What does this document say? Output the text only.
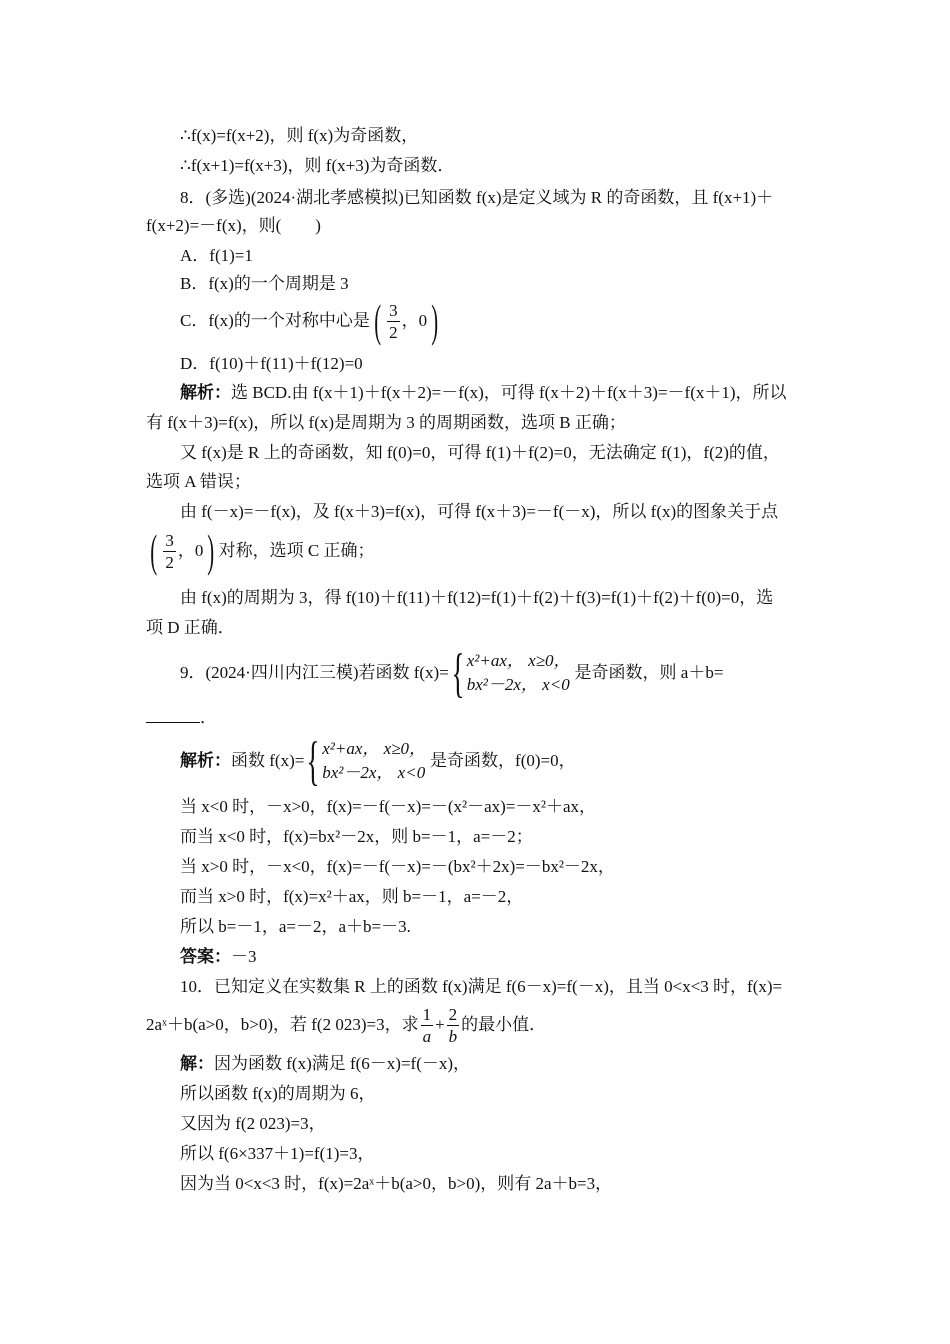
∴f(x)=f(x+2)，则 f(x)为奇函数，
∴f(x+1)=f(x+3)，则 f(x+3)为奇函数．
8．(多选)(2024·湖北孝感模拟)已知函数 f(x)是定义域为 R 的奇函数，且 f(x+1)＋
f(x+2)=－f(x)，则(　　)
A．f(1)=1
B．f(x)的一个周期是 3
C．f(x)的一个对称中心是 ( $\frac{3}{2}$ ，0 )
D．f(10)＋f(11)＋f(12)=0
解析：选 BCD.由 f(x＋1)＋f(x＋2)=－f(x)，可得 f(x＋2)＋f(x＋3)=－f(x＋1)，所以
有 f(x＋3)=f(x)，所以 f(x)是周期为 3 的周期函数，选项 B 正确；
又 f(x)是 R 上的奇函数，知 f(0)=0，可得 f(1)＋f(2)=0，无法确定 f(1)，f(2)的值，
选项 A 错误；
由 f(－x)=－f(x)，及 f(x＋3)=f(x)，可得 f(x＋3)=－f(－x)，所以 f(x)的图象关于点
( $\frac{3}{2}$ ，0 ) 对称，选项 C 正确；
由 f(x)的周期为 3，得 f(10)＋f(11)＋f(12)=f(1)＋f(2)＋f(3)=f(1)＋f(2)＋f(0)=0，选
项 D 正确．
9．(2024·四川内江三模)若函数 f(x)= { x²+ax， x≥0，
bx²－2x， x<0
是奇函数，则 a＋b=
．
解析： 函数 f(x)= { x²+ax， x≥0，
bx²－2x， x<0
是奇函数，f(0)=0，
当 x<0 时，－x>0，f(x)=－f(－x)=－(x²－ax)=－x²＋ax，
而当 x<0 时，f(x)=bx²－2x，则 b=－1，a=－2；
当 x>0 时，－x<0，f(x)=－f(－x)=－(bx²＋2x)=－bx²－2x，
而当 x>0 时，f(x)=x²＋ax，则 b=－1，a=－2，
所以 b=－1，a=－2，a＋b=－3.
答案：－3
10．已知定义在实数集 R 上的函数 f(x)满足 f(6－x)=f(－x)，且当 0<x<3 时，f(x)=
2aˣ＋b(a>0，b>0)，若 f(2 023)=3，求 $\frac{1}{a} + \frac{2}{b}$ 的最小值．
解：因为函数 f(x)满足 f(6－x)=f(－x)，
所以函数 f(x)的周期为 6，
又因为 f(2 023)=3，
所以 f(6×337＋1)=f(1)=3，
因为当 0<x<3 时，f(x)=2aˣ＋b(a>0，b>0)，则有 2a＋b=3，
